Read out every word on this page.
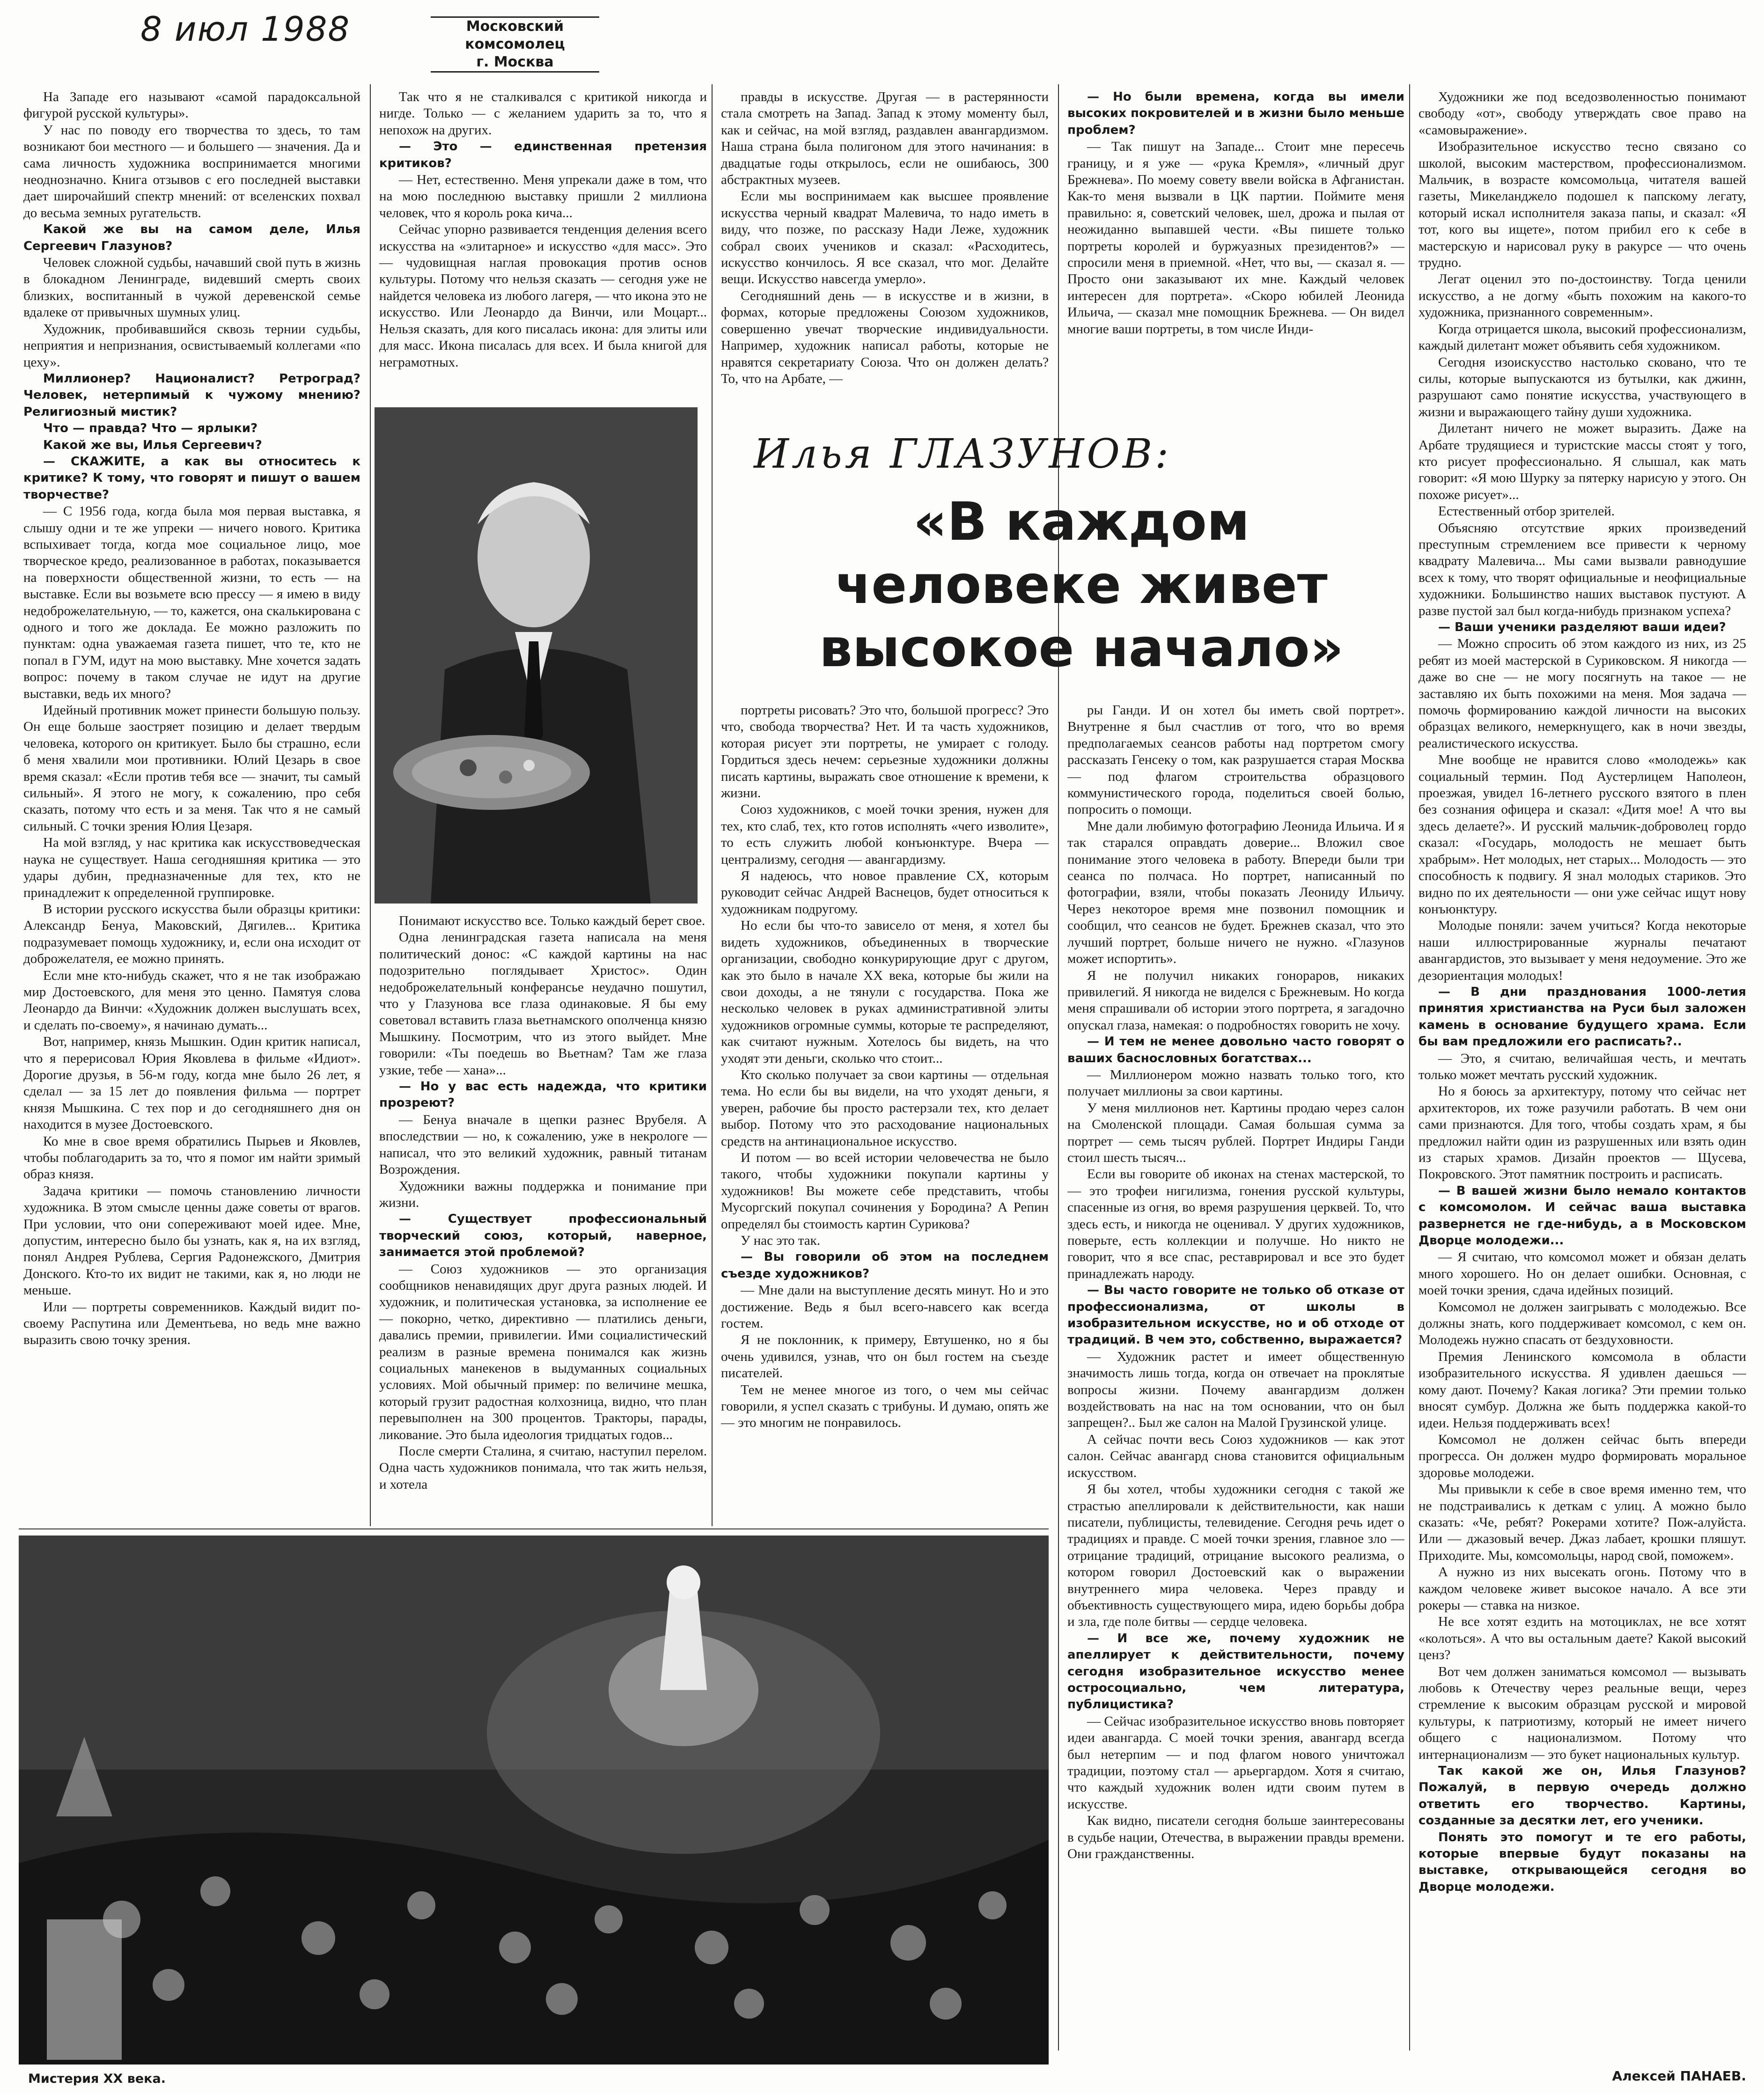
8 июл 1988	Московский комсомолец
г. Москва

На Западе его называют «самой парадоксальной фигурой русской культуры».

У нас по поводу его творчества то здесь, то там возникают бои местного — и большего — значения. Да и сама личность художника воспринимается многими неоднозначно. Книга отзывов с его последней выставки дает широчайший спектр мнений: от вселенских похвал до весьма земных ругательств.

Какой же вы на самом деле, Илья Сергеевич Глазунов?

Человек сложной судьбы, начавший свой путь в жизнь в блокадном Ленинграде, видевший смерть своих близких, воспитанный в чужой деревенской семье вдалеке от привычных шумных улиц.

Художник, пробивавшийся сквозь тернии судьбы, неприятия и непризнания, освистываемый коллегами «по цеху».

Миллионер? Националист? Ретроград? Человек, нетерпимый к чужому мнению? Религиозный мистик?

Что — правда? Что — ярлыки?

Какой же вы, Илья Сергеевич?

— СКАЖИТЕ, а как вы относитесь к критике? К тому, что говорят и пишут о вашем творчестве?

— С 1956 года, когда была моя первая выставка, я слышу одни и те же упреки — ничего нового. Критика вспыхивает тогда, когда мое социальное лицо, мое творческое кредо, реализованное в работах, показывается на поверхности общественной жизни, то есть — на выставке. Если вы возьмете всю прессу — я имею в виду недоброжелательную, — то, кажется, она скалькирована с одного и того же доклада. Ее можно разложить по пунктам: одна уважаемая газета пишет, что те, кто не попал в ГУМ, идут на мою выставку. Мне хочется задать вопрос: почему в таком случае не идут на другие выставки, ведь их много?

Идейный противник может принести большую пользу. Он еще больше заостряет позицию и делает твердым человека, которого он критикует. Было бы страшно, если б меня хвалили мои противники. Юлий Цезарь в свое время сказал: «Если против тебя все — значит, ты самый сильный». Я этого не могу, к сожалению, про себя сказать, потому что есть и за меня. Так что я не самый сильный. С точки зрения Юлия Цезаря.

На мой взгляд, у нас критика как искусствоведческая наука не существует. Наша сегодняшняя критика — это удары дубин, предназначенные для тех, кто не принадлежит к определенной группировке.

В истории русского искусства были образцы критики: Александр Бенуа, Маковский, Дягилев... Критика подразумевает помощь художнику, и, если она исходит от доброжелателя, ее можно принять.

Если мне кто-нибудь скажет, что я не так изображаю мир Достоевского, для меня это ценно. Памятуя слова Леонардо да Винчи: «Художник должен выслушать всех, и сделать по-своему», я начинаю думать...

Вот, например, князь Мышкин. Один критик написал, что я перерисовал Юрия Яковлева в фильме «Идиот». Дорогие друзья, в 56-м году, когда мне было 26 лет, я сделал — за 15 лет до появления фильма — портрет князя Мышкина. С тех пор и до сегодняшнего дня он находится в музее Достоевского.

Ко мне в свое время обратились Пырьев и Яковлев, чтобы поблагодарить за то, что я помог им найти зримый образ князя.

Задача критики — помочь становлению личности художника. В этом смысле ценны даже советы от врагов. При условии, что они сопереживают моей идее. Мне, допустим, интересно было бы узнать, как я, на их взгляд, понял Андрея Рублева, Сергия Радонежского, Дмитрия Донского. Кто-то их видит не такими, как я, но люди не меньше.

Или — портреты современников. Каждый видит по-своему Распутина или Дементьева, но ведь мне важно выразить свою точку зрения.

Так что я не сталкивался с критикой никогда и нигде. Только — с желанием ударить за то, что я непохож на других.

— Это — единственная претензия критиков?

— Нет, естественно. Меня упрекали даже в том, что на мою последнюю выставку пришли 2 миллиона человек, что я король рока кича...

Сейчас упорно развивается тенденция деления всего искусства на «элитарное» и искусство «для масс». Это — чудовищная наглая провокация против основ культуры. Потому что нельзя сказать — сегодня уже не найдется человека из любого лагеря, — что икона это не искусство. Или Леонардо да Винчи, или Моцарт... Нельзя сказать, для кого писалась икона: для элиты или для масс. Икона писалась для всех. И была книгой для неграмотных.

Понимают искусство все. Только каждый берет свое.

Одна ленинградская газета написала на меня политический донос: «С каждой картины на нас подозрительно поглядывает Христос». Один недоброжелательный конферансье неудачно пошутил, что у Глазунова все глаза одинаковые. Я бы ему советовал вставить глаза вьетнамского ополченца князю Мышкину. Посмотрим, что из этого выйдет. Мне говорили: «Ты поедешь во Вьетнам? Там же глаза узкие, тебе — хана»...

— Но у вас есть надежда, что критики прозреют?

— Бенуа вначале в щепки разнес Врубеля. А впоследствии — но, к сожалению, уже в некрологе — написал, что это великий художник, равный титанам Возрождения.

Художники важны поддержка и понимание при жизни.

— Существует профессиональный творческий союз, который, наверное, занимается этой проблемой?

— Союз художников — это организация сообщников ненавидящих друг друга разных людей. И художник, и политическая установка, за исполнение ее — покорно, четко, директивно — платились деньги, давались премии, привилегии. Ими социалистический реализм в разные времена понимался как жизнь социальных манекенов в выдуманных социальных условиях. Мой обычный пример: по величине мешка, который грузит радостная колхозница, видно, что план перевыполнен на 300 процентов. Тракторы, парады, ликование. Это была идеология тридцатых годов...

После смерти Сталина, я считаю, наступил перелом. Одна часть художников понимала, что так жить нельзя, и хотела

правды в искусстве. Другая — в растерянности стала смотреть на Запад. Запад к этому моменту был, как и сейчас, на мой взгляд, раздавлен авангардизмом. Наша страна была полигоном для этого начинания: в двадцатые годы открылось, если не ошибаюсь, 300 абстрактных музеев.

Если мы воспринимаем как высшее проявление искусства черный квадрат Малевича, то надо иметь в виду, что позже, по рассказу Нади Леже, художник собрал своих учеников и сказал: «Расходитесь, искусство кончилось. Я все сказал, что мог. Делайте вещи. Искусство навсегда умерло».

Сегодняшний день — в искусстве и в жизни, в формах, которые предложены Союзом художников, совершенно увечат творческие индивидуальности. Например, художник написал работы, которые не нравятся секретариату Союза. Что он должен делать? То, что на Арбате, —

— Но были времена, когда вы имели высоких покровителей и в жизни было меньше проблем?

— Так пишут на Западе... Стоит мне пересечь границу, и я уже — «рука Кремля», «личный друг Брежнева». По моему совету ввели войска в Афганистан. Как-то меня вызвали в ЦК партии. Поймите меня правильно: я, советский человек, шел, дрожа и пылая от неожиданно выпавшей чести. «Вы пишете только портреты королей и буржуазных президентов?» — спросили меня в приемной. «Нет, что вы, — сказал я. — Просто они заказывают их мне. Каждый человек интересен для портрета». «Скоро юбилей Леонида Ильича, — сказал мне помощник Брежнева. — Он видел многие ваши портреты, в том числе Инди-

Илья ГЛАЗУНОВ:
«В каждом
человеке живет
высокое начало»

портреты рисовать? Это что, большой прогресс? Это что, свобода творчества? Нет. И та часть художников, которая рисует эти портреты, не умирает с голоду. Гордиться здесь нечем: серьезные художники должны писать картины, выражать свое отношение к времени, к жизни.

Союз художников, с моей точки зрения, нужен для тех, кто слаб, тех, кто готов исполнять «чего изволите», то есть служить любой конъюнктуре. Вчера — централизму, сегодня — авангардизму.

Я надеюсь, что новое правление СХ, которым руководит сейчас Андрей Васнецов, будет относиться к художникам подругому.

Но если бы что-то зависело от меня, я хотел бы видеть художников, объединенных в творческие организации, свободно конкурирующие друг с другом, как это было в начале XX века, которые бы жили на свои доходы, а не тянули с государства. Пока же несколько человек в руках административной элиты художников огромные суммы, которые те распределяют, как считают нужным. Хотелось бы видеть, на что уходят эти деньги, сколько что стоит...

Кто сколько получает за свои картины — отдельная тема. Но если бы вы видели, на что уходят деньги, я уверен, рабочие бы просто растерзали тех, кто делает выбор. Потому что это расходование национальных средств на антинациональное искусство.

И потом — во всей истории человечества не было такого, чтобы художники покупали картины у художников! Вы можете себе представить, чтобы Мусоргский покупал сочинения у Бородина? А Репин определял бы стоимость картин Сурикова?

У нас это так.

— Вы говорили об этом на последнем съезде художников?

— Мне дали на выступление десять минут. Но и это достижение. Ведь я был всего-навсего как всегда гостем.

Я не поклонник, к примеру, Евтушенко, но я бы очень удивился, узнав, что он был гостем на съезде писателей.

Тем не менее многое из того, о чем мы сейчас говорили, я успел сказать с трибуны. И думаю, опять же — это многим не понравилось.

ры Ганди. И он хотел бы иметь свой портрет». Внутренне я был счастлив от того, что во время предполагаемых сеансов работы над портретом смогу рассказать Генсеку о том, как разрушается старая Москва — под флагом строительства образцового коммунистического города, поделиться своей болью, попросить о помощи.

Мне дали любимую фотографию Леонида Ильича. И я так старался оправдать доверие... Вложил свое понимание этого человека в работу. Впереди были три сеанса по полчаса. Но портрет, написанный по фотографии, взяли, чтобы показать Леониду Ильичу. Через некоторое время мне позвонил помощник и сообщил, что сеансов не будет. Брежнев сказал, что это лучший портрет, больше ничего не нужно. «Глазунов может испортить».

Я не получил никаких гонораров, никаких привилегий. Я никогда не виделся с Брежневым. Но когда меня спрашивали об истории этого портрета, я загадочно опускал глаза, намекая: о подробностях говорить не хочу.

— И тем не менее довольно часто говорят о ваших баснословных богатствах...

— Миллионером можно назвать только того, кто получает миллионы за свои картины.

У меня миллионов нет. Картины продаю через салон на Смоленской площади. Самая большая сумма за портрет — семь тысяч рублей. Портрет Индиры Ганди стоил шесть тысяч...

Если вы говорите об иконах на стенах мастерской, то — это трофеи нигилизма, гонения русской культуры, спасенные из огня, во время разрушения церквей. То, что здесь есть, и никогда не оценивал. У других художников, поверьте, есть коллекции и получше. Но никто не говорит, что я все спас, реставрировал и все это будет принадлежать народу.

— Вы часто говорите не только об отказе от профессионализма, от школы в изобразительном искусстве, но и об отходе от традиций. В чем это, собственно, выражается?

— Художник растет и имеет общественную значимость лишь тогда, когда он отвечает на проклятые вопросы жизни. Почему авангардизм должен воздействовать на нас на том основании, что он был запрещен?.. Был же салон на Малой Грузинской улице.

А сейчас почти весь Союз художников — как этот салон. Сейчас авангард снова становится официальным искусством.

Я бы хотел, чтобы художники сегодня с такой же страстью апеллировали к действительности, как наши писатели, публицисты, телевидение. Сегодня речь идет о традициях и правде. С моей точки зрения, главное зло — отрицание традиций, отрицание высокого реализма, о котором говорил Достоевский как о выражении внутреннего мира человека. Через правду и объективность существующего мира, идею борьбы добра и зла, где поле битвы — сердце человека.

— И все же, почему художник не апеллирует к действительности, почему сегодня изобразительное искусство менее остросоциально, чем литература, публицистика?

— Сейчас изобразительное искусство вновь повторяет идеи авангарда. С моей точки зрения, авангард всегда был нетерпим — и под флагом нового уничтожал традиции, поэтому стал — арьергардом. Хотя я считаю, что каждый художник волен идти своим путем в искусстве.

Как видно, писатели сегодня больше заинтересованы в судьбе нации, Отечества, в выражении правды времени. Они гражданственны.

Художники же под вседозволенностью понимают свободу «от», свободу утверждать свое право на «самовыражение».

Изобразительное искусство тесно связано со школой, высоким мастерством, профессионализмом. Мальчик, в возрасте комсомольца, читателя вашей газеты, Микеланджело подошел к папскому легату, который искал исполнителя заказа папы, и сказал: «Я тот, кого вы ищете», потом прибил его к себе в мастерскую и нарисовал руку в ракурсе — что очень трудно.

Легат оценил это по-достоинству. Тогда ценили искусство, а не догму «быть похожим на какого-то художника, признанного современным».

Когда отрицается школа, высокий профессионализм, каждый дилетант может объявить себя художником.

Сегодня изоискусство настолько сковано, что те силы, которые выпускаются из бутылки, как джинн, разрушают само понятие искусства, участвующего в жизни и выражающего тайну души художника.

Дилетант ничего не может выразить. Даже на Арбате трудящиеся и туристские массы стоят у того, кто рисует профессионально. Я слышал, как мать говорит: «Я мою Шурку за пятерку нарисую у этого. Он похоже рисует»...

Естественный отбор зрителей.

Объясняю отсутствие ярких произведений преступным стремлением все привести к черному квадрату Малевича... Мы сами вызвали равнодушие всех к тому, что творят официальные и неофициальные художники. Большинство наших выставок пустуют. А разве пустой зал был когда-нибудь признаком успеха?

— Ваши ученики разделяют ваши идеи?

— Можно спросить об этом каждого из них, из 25 ребят из моей мастерской в Суриковском. Я никогда — даже во сне — не могу посягнуть на такое — не заставляю их быть похожими на меня. Моя задача — помочь формированию каждой личности на высоких образцах великого, немеркнущего, как в ночи звезды, реалистического искусства.

Мне вообще не нравится слово «молодежь» как социальный термин. Под Аустерлицем Наполеон, проезжая, увидел 16-летнего русского взятого в плен без сознания офицера и сказал: «Дитя мое! А что вы здесь делаете?». И русский мальчик-доброволец гордо сказал: «Государь, молодость не мешает быть храбрым». Нет молодых, нет старых... Молодость — это способность к подвигу. Я знал молодых стариков. Это видно по их деятельности — они уже сейчас ищут нову конъюнктуру.

Молодые поняли: зачем учиться? Когда некоторые наши иллюстрированные журналы печатают авангардистов, это вызывает у меня недоумение. Это же дезориентация молодых!

— В дни празднования 1000-летия принятия христианства на Руси был заложен камень в основание будущего храма. Если бы вам предложили его расписать?..

— Это, я считаю, величайшая честь, и мечтать только может мечтать русский художник.

Но я боюсь за архитектуру, потому что сейчас нет архитекторов, их тоже разучили работать. В чем они сами признаются. Для того, чтобы создать храм, я бы предложил найти один из разрушенных или взять один из старых храмов. Дизайн проектов — Щусева, Покровского. Этот памятник построить и расписать.

— В вашей жизни было немало контактов с комсомолом. И сейчас ваша выставка развернется не где-нибудь, а в Московском Дворце молодежи...

— Я считаю, что комсомол может и обязан делать много хорошего. Но он делает ошибки. Основная, с моей точки зрения, сдача идейных позиций.

Комсомол не должен заигрывать с молодежью. Все должны знать, кого поддерживает комсомол, с кем он. Молодежь нужно спасать от бездуховности.

Премия Ленинского комсомола в области изобразительного искусства. Я удивлен даешься — кому дают. Почему? Какая логика? Эти премии только вносят сумбур. Должна же быть поддержка какой-то идеи. Нельзя поддерживать всех!

Комсомол не должен сейчас быть впереди прогресса. Он должен мудро формировать моральное здоровье молодежи.

Мы привыкли к себе в свое время именно тем, что не подстраивались к деткам с улиц. А можно было сказать: «Че, ребят? Рокерами хотите? Пож-алуйста. Или — джазовый вечер. Джаз лабает, крошки пляшут. Приходите. Мы, комсомольцы, народ свой, поможем».

А нужно из них высекать огонь. Потому что в каждом человеке живет высокое начало. А все эти рокеры — ставка на низкое.

Не все хотят ездить на мотоциклах, не все хотят «колоться». А что вы остальным даете? Какой высокий ценз?

Вот чем должен заниматься комсомол — вызывать любовь к Отечеству через реальные вещи, через стремление к высоким образцам русской и мировой культуры, к патриотизму, который не имеет ничего общего с национализмом. Потому что интернационализм — это букет национальных культур.

Так какой же он, Илья Глазунов? Пожалуй, в первую очередь должно ответить его творчество. Картины, созданные за десятки лет, его ученики.

Понять это помогут и те его работы, которые впервые будут показаны на выставке, открывающейся сегодня во Дворце молодежи.

Мистерия XX века.	Алексей ПАНАЕВ.
